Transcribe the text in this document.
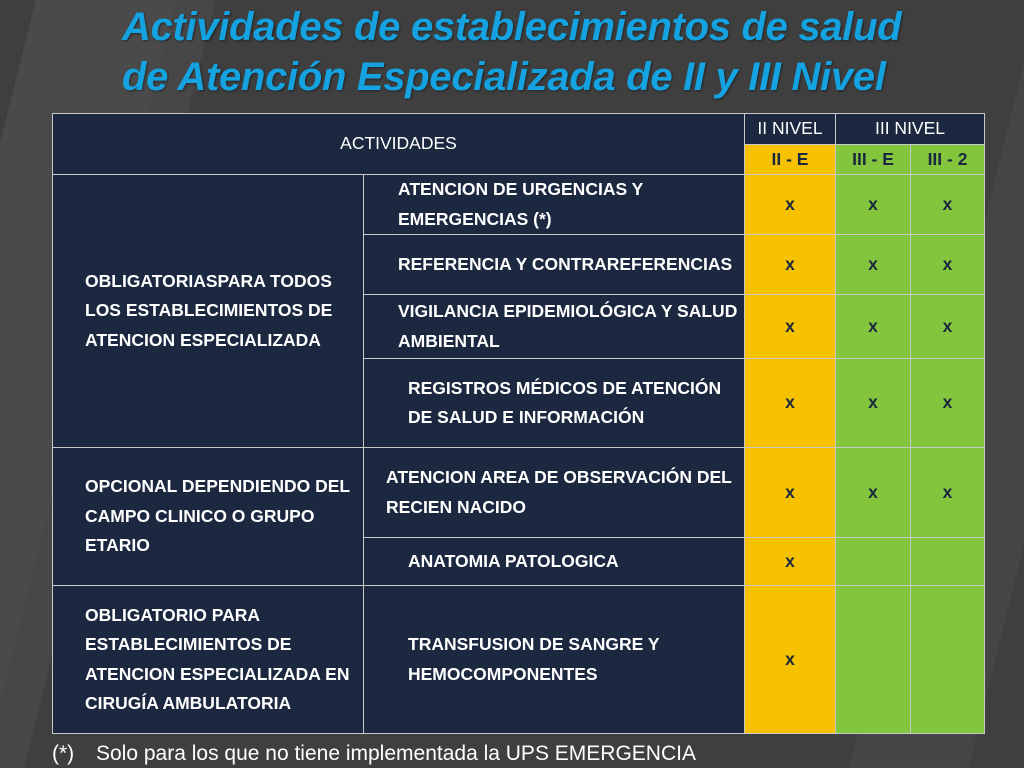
Actividades de establecimientos de salud
de Atención Especializada de II y III Nivel
ACTIVIDADES		II NIVEL	III NIVEL	
		II - E	III - E	III - 2
OBLIGATORIASPARA TODOS LOS ESTABLECIMIENTOS DE ATENCION ESPECIALIZADA	ATENCION DE URGENCIAS Y EMERGENCIAS (*)	x	x	x
	REFERENCIA Y CONTRAREFERENCIAS	x	x	x
	VIGILANCIA EPIDEMIOLÓGICA Y SALUD AMBIENTAL	x	x	x
	REGISTROS MÉDICOS DE ATENCIÓN DE SALUD E INFORMACIÓN	x	x	x
OPCIONAL DEPENDIENDO DEL CAMPO CLINICO O GRUPO ETARIO	ATENCION AREA DE OBSERVACIÓN DEL RECIEN NACIDO	x	x	x
	ANATOMIA PATOLOGICA	x		
OBLIGATORIO PARA ESTABLECIMIENTOS DE ATENCION ESPECIALIZADA EN CIRUGÍA AMBULATORIA	TRANSFUSION DE SANGRE Y HEMOCOMPONENTES	x		
(*) Solo para los que no tiene implementada la UPS EMERGENCIA
